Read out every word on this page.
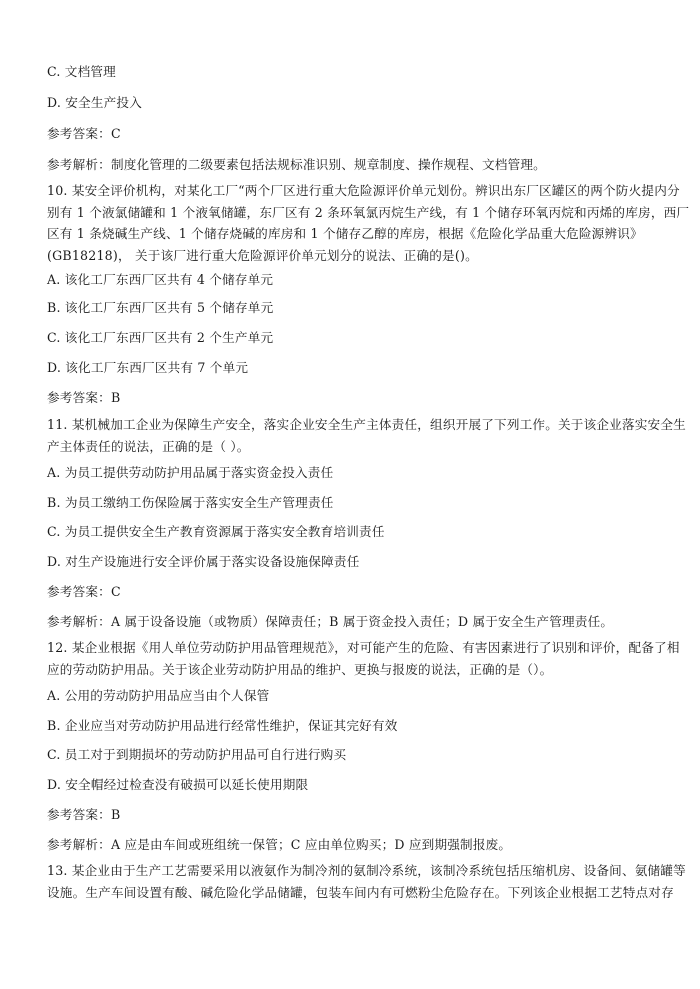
C. 文档管理
D. 安全生产投入
参考答案：C
参考解析：制度化管理的二级要素包括法规标准识别、规章制度、操作规程、文档管理。
10. 某安全评价机构，对某化工厂“两个厂区进行重大危险源评价单元划份。辨识出东厂区罐区的两个防火提内分
别有 1 个液氯储罐和 1 个液氧储罐，东厂区有 2 条环氧氯丙烷生产线，有 1 个储存环氧丙烷和丙烯的库房，西厂
区有 1 条烧碱生产线、1 个储存烧碱的库房和 1 个储存乙醇的库房，根据《危险化学品重大危险源辨识》
(GB18218)， 关于该厂进行重大危险源评价单元划分的说法、正确的是()。
A. 该化工厂东西厂区共有 4 个储存单元
B. 该化工厂东西厂区共有 5 个储存单元
C. 该化工厂东西厂区共有 2 个生产单元
D. 该化工厂东西厂区共有 7 个单元
参考答案：B
11. 某机械加工企业为保障生产安全，落实企业安全生产主体责任，组织开展了下列工作。关于该企业落实安全生
产主体责任的说法，正确的是（ ）。
A. 为员工提供劳动防护用品属于落实资金投入责任
B. 为员工缴纳工伤保险属于落实安全生产管理责任
C. 为员工提供安全生产教育资源属于落实安全教育培训责任
D. 对生产设施进行安全评价属于落实设备设施保障责任
参考答案：C
参考解析：A 属于设备设施（或物质）保障责任；B 属于资金投入责任；D 属于安全生产管理责任。
12. 某企业根据《用人单位劳动防护用品管理规范》，对可能产生的危险、有害因素进行了识别和评价，配备了相
应的劳动防护用品。关于该企业劳动防护用品的维护、更换与报废的说法，正确的是（）。
A. 公用的劳动防护用品应当由个人保管
B. 企业应当对劳动防护用品进行经常性维护，保证其完好有效
C. 员工对于到期损坏的劳动防护用品可自行进行购买
D. 安全帽经过检查没有破损可以延长使用期限
参考答案：B
参考解析：A 应是由车间或班组统一保管；C 应由单位购买；D 应到期强制报废。
13. 某企业由于生产工艺需要采用以液氨作为制冷剂的氨制冷系统，该制冷系统包括压缩机房、设备间、氨储罐等
设施。生产车间设置有酸、碱危险化学品储罐，包装车间内有可燃粉尘危险存在。下列该企业根据工艺特点对存
